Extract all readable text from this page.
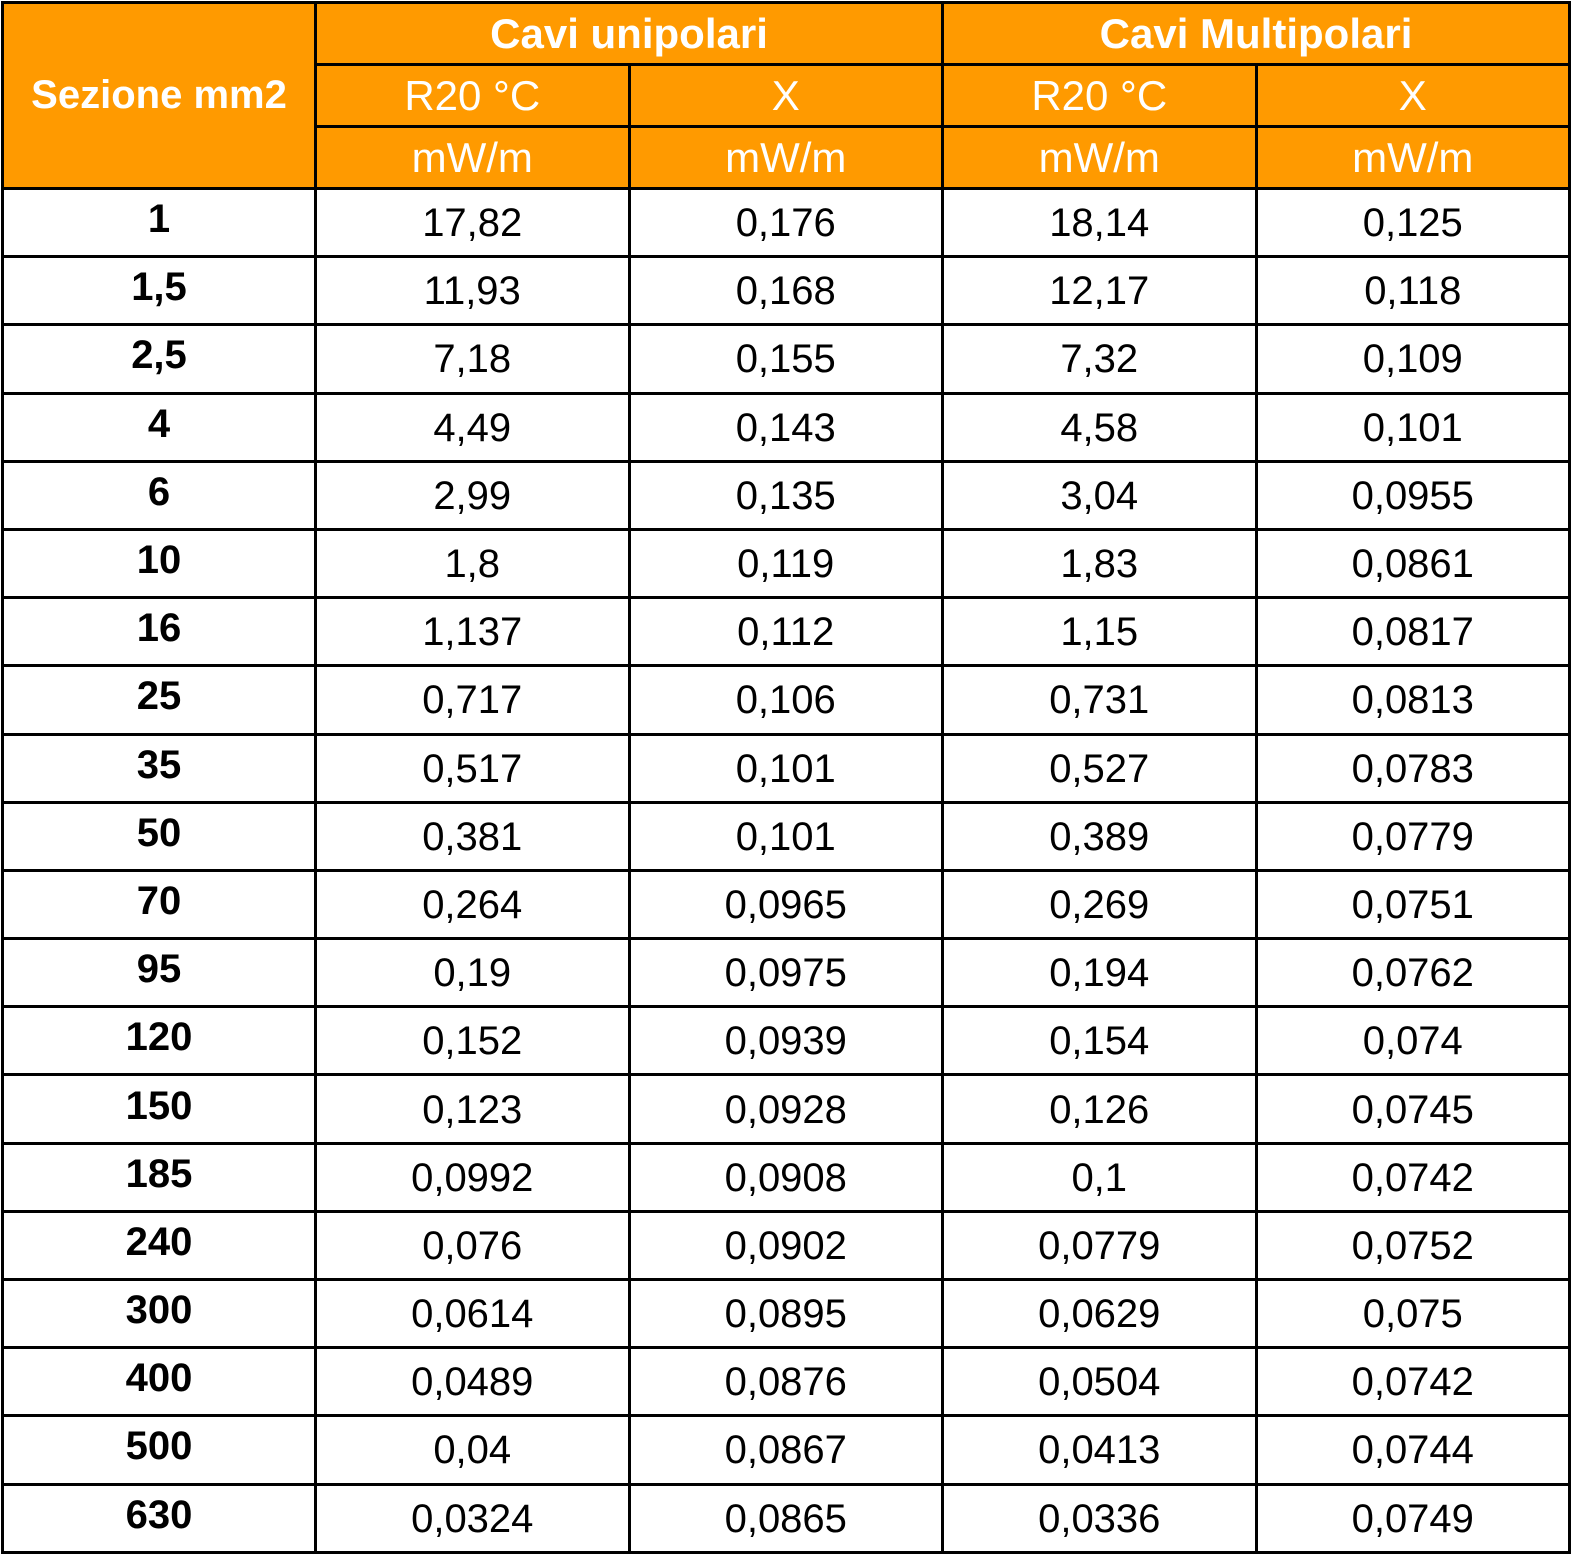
Sezione mm2	Cavi unipolari		Cavi Multipolari	
	R20 °C	X	R20 °C	X
	mW/m	mW/m	mW/m	mW/m
1	17,82	0,176	18,14	0,125
1,5	11,93	0,168	12,17	0,118
2,5	7,18	0,155	7,32	0,109
4	4,49	0,143	4,58	0,101
6	2,99	0,135	3,04	0,0955
10	1,8	0,119	1,83	0,0861
16	1,137	0,112	1,15	0,0817
25	0,717	0,106	0,731	0,0813
35	0,517	0,101	0,527	0,0783
50	0,381	0,101	0,389	0,0779
70	0,264	0,0965	0,269	0,0751
95	0,19	0,0975	0,194	0,0762
120	0,152	0,0939	0,154	0,074
150	0,123	0,0928	0,126	0,0745
185	0,0992	0,0908	0,1	0,0742
240	0,076	0,0902	0,0779	0,0752
300	0,0614	0,0895	0,0629	0,075
400	0,0489	0,0876	0,0504	0,0742
500	0,04	0,0867	0,0413	0,0744
630	0,0324	0,0865	0,0336	0,0749
